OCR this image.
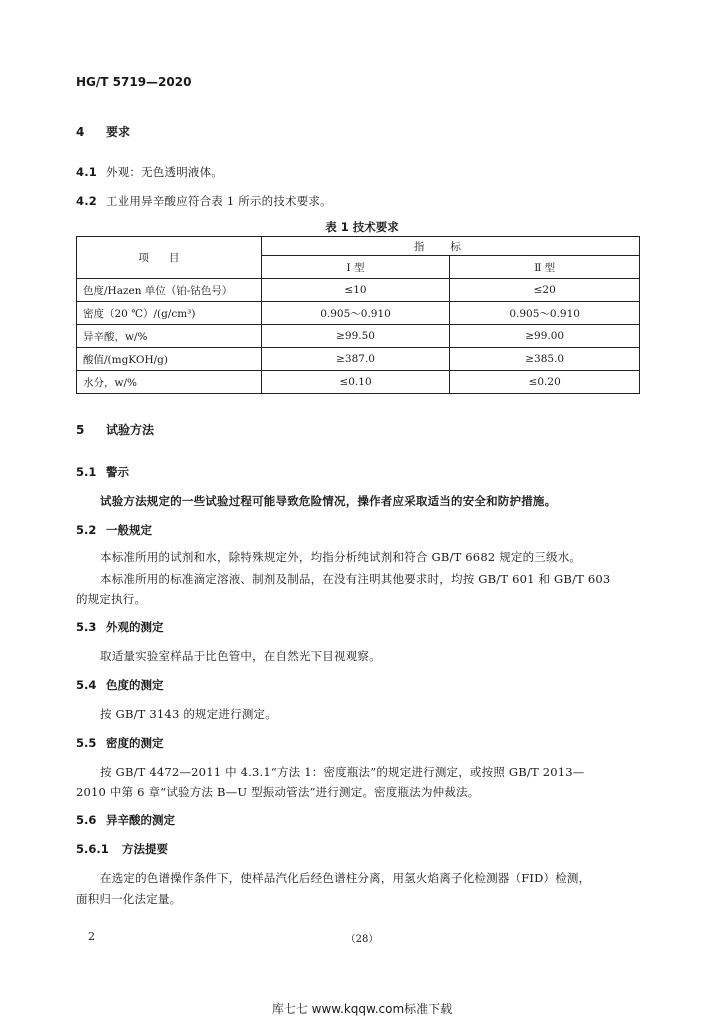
HG/T 5719—2020
4 要求
4.1 外观：无色透明液体。
4.2 工业用异辛酸应符合表 1 所示的技术要求。
表 1 技术要求
项目	指标	
	Ⅰ 型	Ⅱ 型
色度/Hazen 单位（铂-钴色号）	≤10	≤20
密度（20 ℃）/(g/cm³)	0.905～0.910	0.905～0.910
异辛酸，w/%	≥99.50	≥99.00
酸值/(mgKOH/g)	≥387.0	≥385.0
水分，w/%	≤0.10	≤0.20
5 试验方法
5.1 警示
试验方法规定的一些试验过程可能导致危险情况，操作者应采取适当的安全和防护措施。
5.2 一般规定
本标准所用的试剂和水，除特殊规定外，均指分析纯试剂和符合 GB/T 6682 规定的三级水。
本标准所用的标准滴定溶液、制剂及制品，在没有注明其他要求时，均按 GB/T 601 和 GB/T 603
的规定执行。
5.3 外观的测定
取适量实验室样品于比色管中，在自然光下目视观察。
5.4 色度的测定
按 GB/T 3143 的规定进行测定。
5.5 密度的测定
按 GB/T 4472—2011 中 4.3.1“方法 1：密度瓶法”的规定进行测定，或按照 GB/T 2013—
2010 中第 6 章“试验方法 B—U 型振动管法”进行测定。密度瓶法为仲裁法。
5.6 异辛酸的测定
5.6.1 方法提要
在选定的色谱操作条件下，使样品汽化后经色谱柱分离，用氢火焰离子化检测器（FID）检测，
面积归一化法定量。
2	（28）
库七七 www.kqqw.com标准下载
